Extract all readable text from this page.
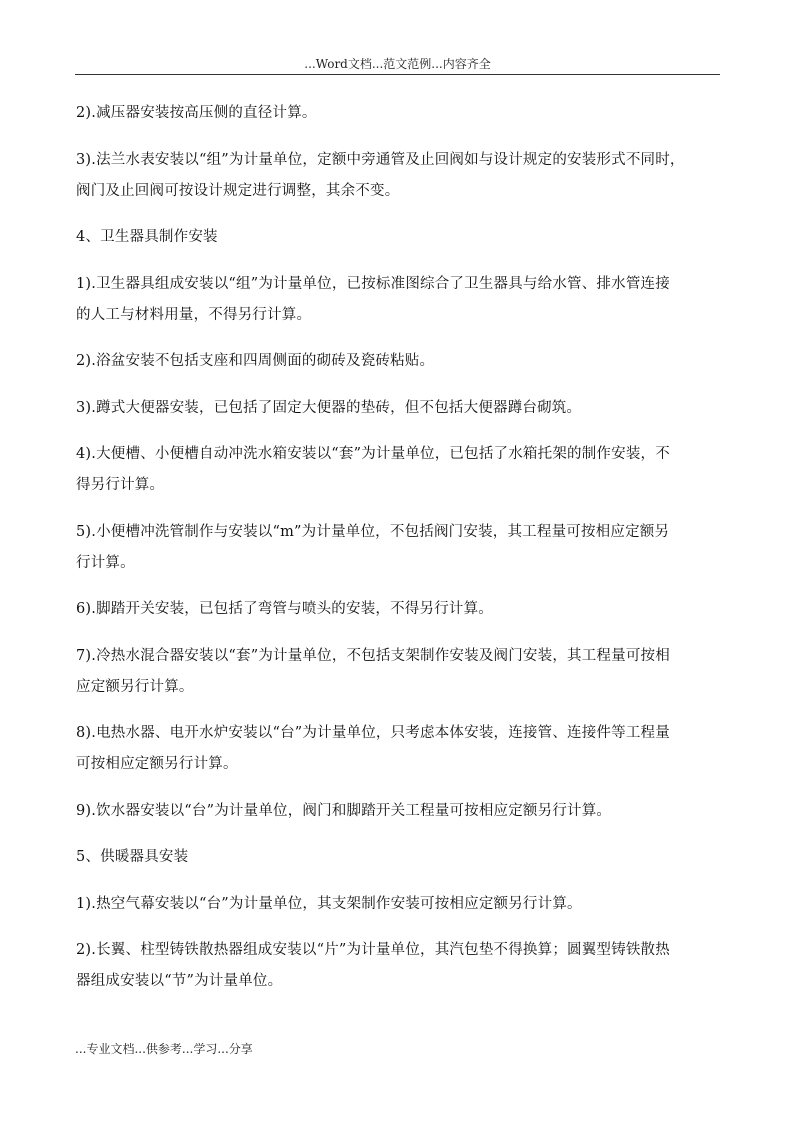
...Word文档...范文范例...内容齐全

2).减压器安装按高压侧的直径计算。

3).法兰水表安装以“组”为计量单位，定额中旁通管及止回阀如与设计规定的安装形式不同时，
阀门及止回阀可按设计规定进行调整，其余不变。

4、卫生器具制作安装

1).卫生器具组成安装以“组”为计量单位，已按标准图综合了卫生器具与给水管、排水管连接
的人工与材料用量，不得另行计算。

2).浴盆安装不包括支座和四周侧面的砌砖及瓷砖粘贴。

3).蹲式大便器安装，已包括了固定大便器的垫砖，但不包括大便器蹲台砌筑。

4).大便槽、小便槽自动冲洗水箱安装以“套”为计量单位，已包括了水箱托架的制作安装，不
得另行计算。

5).小便槽冲洗管制作与安装以“m”为计量单位，不包括阀门安装，其工程量可按相应定额另
行计算。

6).脚踏开关安装，已包括了弯管与喷头的安装，不得另行计算。

7).冷热水混合器安装以“套”为计量单位，不包括支架制作安装及阀门安装，其工程量可按相
应定额另行计算。

8).电热水器、电开水炉安装以“台”为计量单位，只考虑本体安装，连接管、连接件等工程量
可按相应定额另行计算。

9).饮水器安装以“台”为计量单位，阀门和脚踏开关工程量可按相应定额另行计算。

5、供暖器具安装

1).热空气幕安装以“台”为计量单位，其支架制作安装可按相应定额另行计算。

2).长翼、柱型铸铁散热器组成安装以“片”为计量单位，其汽包垫不得换算；圆翼型铸铁散热
器组成安装以“节”为计量单位。

...专业文档...供参考...学习...分享
